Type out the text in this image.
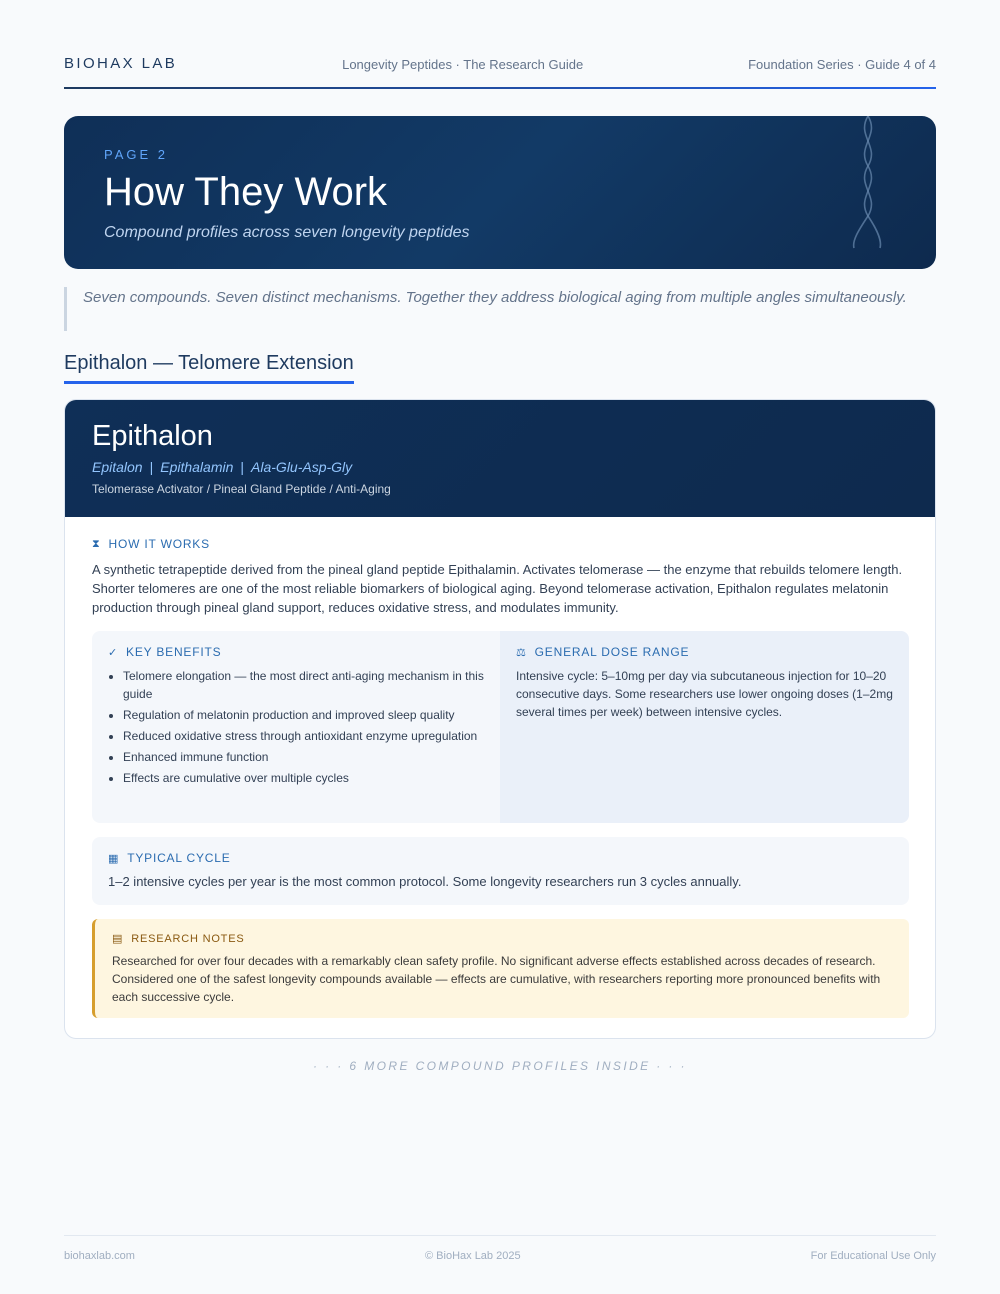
BIOHAX LAB	Longevity Peptides · The Research Guide	Foundation Series · Guide 4 of 4
PAGE 2
How They Work
Compound profiles across seven longevity peptides
Seven compounds. Seven distinct mechanisms. Together they address biological aging from multiple angles simultaneously.
Epithalon — Telomere Extension
Epithalon
Epitalon | Epithalamin | Ala-Glu-Asp-Gly
Telomerase Activator / Pineal Gland Peptide / Anti-Aging
⧗ HOW IT WORKS
A synthetic tetrapeptide derived from the pineal gland peptide Epithalamin. Activates telomerase — the enzyme that rebuilds telomere length. Shorter telomeres are one of the most reliable biomarkers of biological aging. Beyond telomerase activation, Epithalon regulates melatonin production through pineal gland support, reduces oxidative stress, and modulates immunity.
✓ KEY BENEFITS
• Telomere elongation — the most direct anti-aging mechanism in this guide
• Regulation of melatonin production and improved sleep quality
• Reduced oxidative stress through antioxidant enzyme upregulation
• Enhanced immune function
• Effects are cumulative over multiple cycles
⚖ GENERAL DOSE RANGE
Intensive cycle: 5–10mg per day via subcutaneous injection for 10–20 consecutive days. Some researchers use lower ongoing doses (1–2mg several times per week) between intensive cycles.
▦ TYPICAL CYCLE
1–2 intensive cycles per year is the most common protocol. Some longevity researchers run 3 cycles annually.
▤ RESEARCH NOTES
Researched for over four decades with a remarkably clean safety profile. No significant adverse effects established across decades of research. Considered one of the safest longevity compounds available — effects are cumulative, with researchers reporting more pronounced benefits with each successive cycle.
· · · 6 MORE COMPOUND PROFILES INSIDE · · ·
biohaxlab.com	© BioHax Lab 2025	For Educational Use Only
